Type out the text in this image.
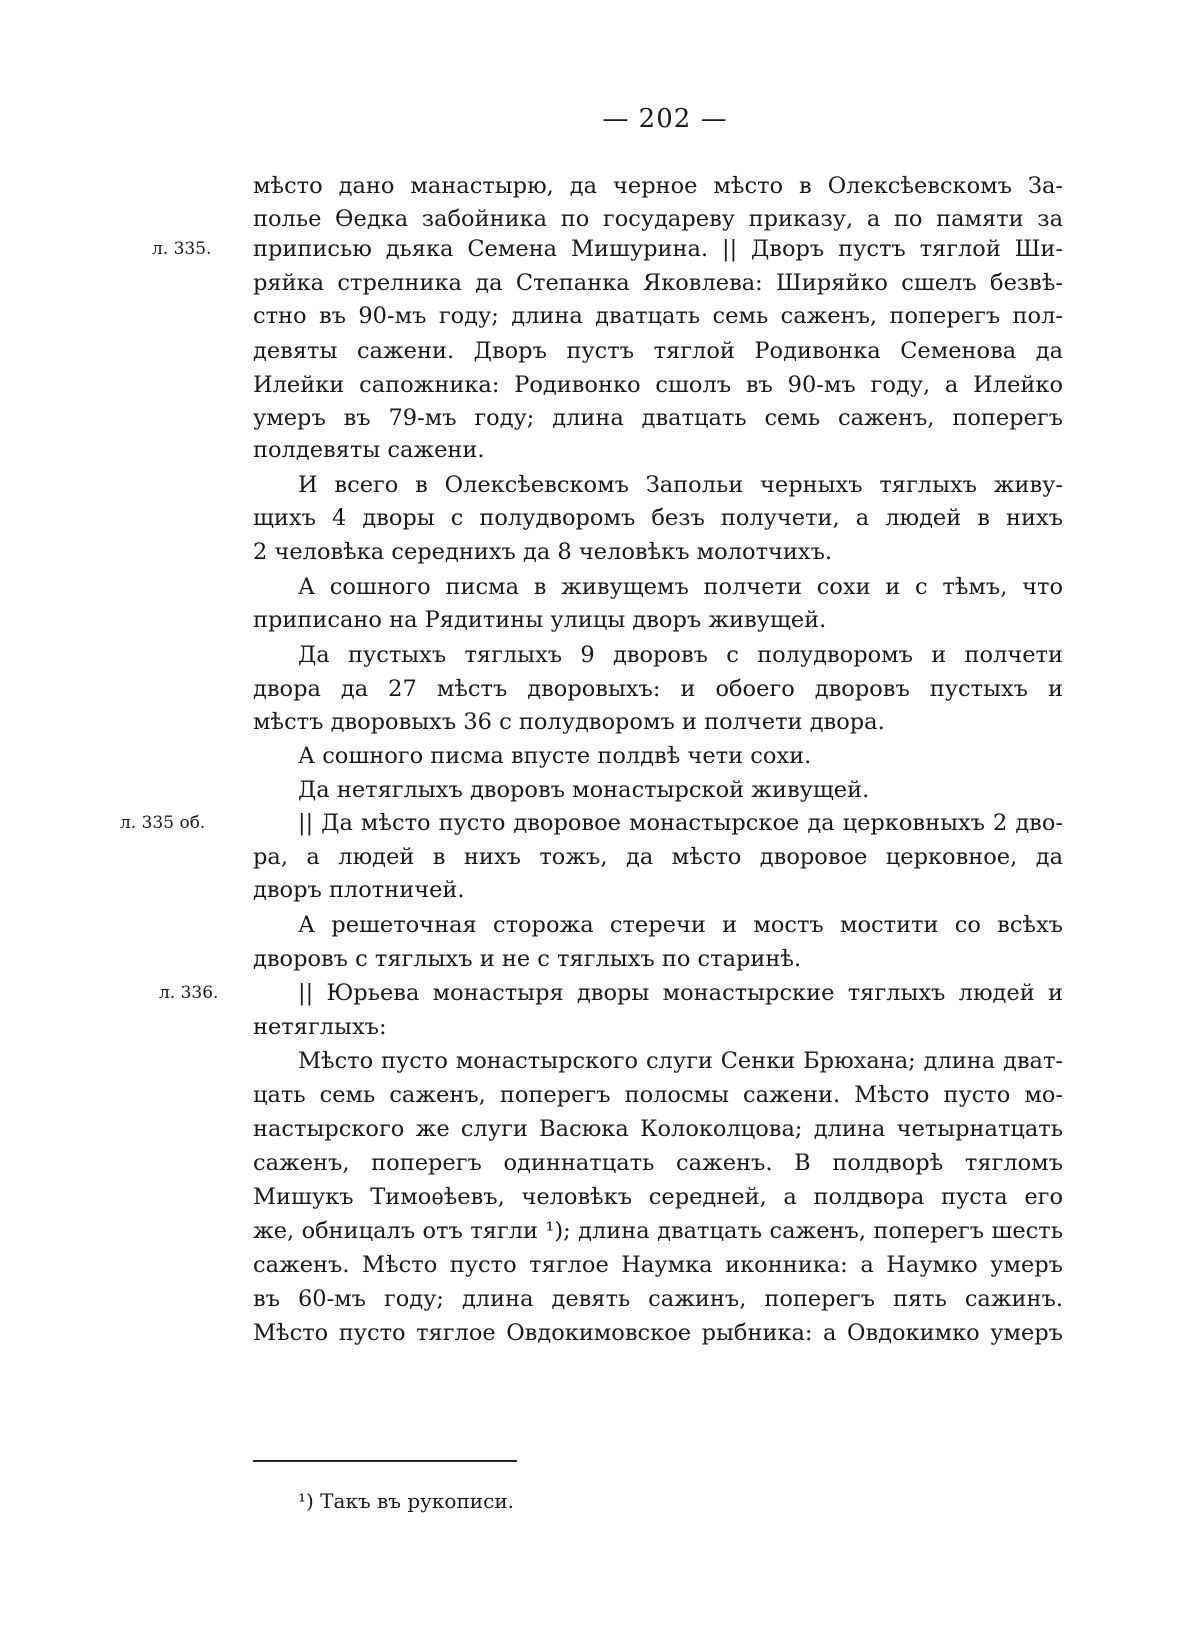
— 202 —
мѣсто дано манастырю, да черное мѣсто в Олексѣевскомъ За-
полье Ѳедка забойника по государеву приказу, а по памяти за
л. 335. приписью дьяка Семена Мишурина. || Дворъ пустъ тяглой Ши-
ряйка стрелника да Степанка Яковлева: Ширяйко сшелъ безвѣ-
стно въ 90-мъ году; длина дватцать семь саженъ, поперегъ пол-
девяты сажени. Дворъ пустъ тяглой Родивонка Семенова да
Илейки сапожника: Родивонко сшолъ въ 90-мъ году, а Илейко
умеръ въ 79-мъ году; длина дватцать семь саженъ, поперегъ
полдевяты сажени.
И всего в Олексѣевскомъ Запольи черныхъ тяглыхъ живу-
щихъ 4 дворы с полудворомъ безъ получети, а людей в нихъ
2 человѣка середнихъ да 8 человѣкъ молотчихъ.
А сошного писма в живущемъ полчети сохи и с тѣмъ, что
приписано на Рядитины улицы дворъ живущей.
Да пустыхъ тяглыхъ 9 дворовъ с полудворомъ и полчети
двора да 27 мѣстъ дворовыхъ: и обоего дворовъ пустыхъ и
мѣстъ дворовыхъ 36 с полудворомъ и полчети двора.
А сошного писма впусте полдвѣ чети сохи.
Да нетяглыхъ дворовъ монастырской живущей.
л. 335 об.	|| Да мѣсто пусто дворовое монастырское да церковныхъ 2 дво-
ра, а людей в нихъ тожъ, да мѣсто дворовое церковное, да
дворъ плотничей.
А решеточная сторожа стеречи и мостъ мостити со всѣхъ
дворовъ с тяглыхъ и не с тяглыхъ по старинѣ.
л. 336.	|| Юрьева монастыря дворы монастырские тяглыхъ людей и
нетяглыхъ:
Мѣсто пусто монастырского слуги Сенки Брюхана; длина дват-
цать семь саженъ, поперегъ полосмы сажени. Мѣсто пусто мо-
настырского же слуги Васюка Колоколцова; длина четырнатцать
саженъ, поперегъ одиннатцать саженъ. В полдворѣ тягломъ
Мишукъ Тимоѳѣевъ, человѣкъ середней, а полдвора пуста его
же, обницалъ отъ тягли ¹); длина дватцать саженъ, поперегъ шесть
саженъ. Мѣсто пусто тяглое Наумка иконника: а Наумко умеръ
въ 60-мъ году; длина девять сажинъ, поперегъ пять сажинъ.
Мѣсто пусто тяглое Овдокимовское рыбника: а Овдокимко умеръ
¹) Такъ въ рукописи.
